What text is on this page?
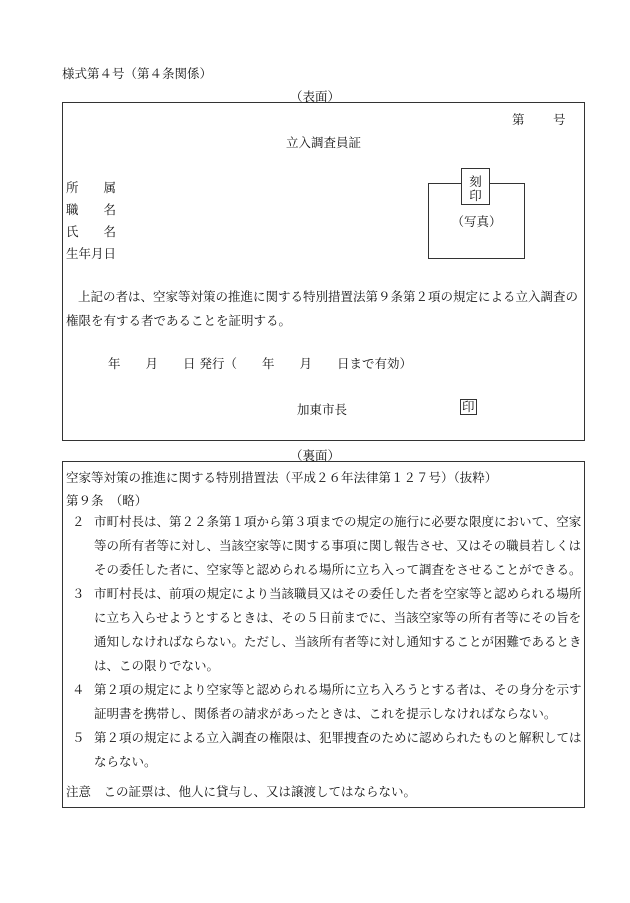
様式第４号（第４条関係）
（表面）
第 号
立入調査員証
所　　属
職　　名
氏　　名
生年月日
刻
印
（写真）
上記の者は、空家等対策の推進に関する特別措置法第９条第２項の規定による立入調査の権限を有する者であることを証明する。
年　　月　　日 発行（　　年　　月　　日まで有効）
加東市長	印
（裏面）
空家等対策の推進に関する特別措置法（平成２６年法律第１２７号）（抜粋）
第９条　（略）
２ 市町村長は、第２２条第１項から第３項までの規定の施行に必要な限度において、空家等の所有者等に対し、当該空家等に関する事項に関し報告させ、又はその職員若しくはその委任した者に、空家等と認められる場所に立ち入って調査をさせることができる。
３ 市町村長は、前項の規定により当該職員又はその委任した者を空家等と認められる場所に立ち入らせようとするときは、その５日前までに、当該空家等の所有者等にその旨を通知しなければならない。ただし、当該所有者等に対し通知することが困難であるときは、この限りでない。
４ 第２項の規定により空家等と認められる場所に立ち入ろうとする者は、その身分を示す証明書を携帯し、関係者の請求があったときは、これを提示しなければならない。
５ 第２項の規定による立入調査の権限は、犯罪捜査のために認められたものと解釈してはならない。
注意　この証票は、他人に貸与し、又は譲渡してはならない。
